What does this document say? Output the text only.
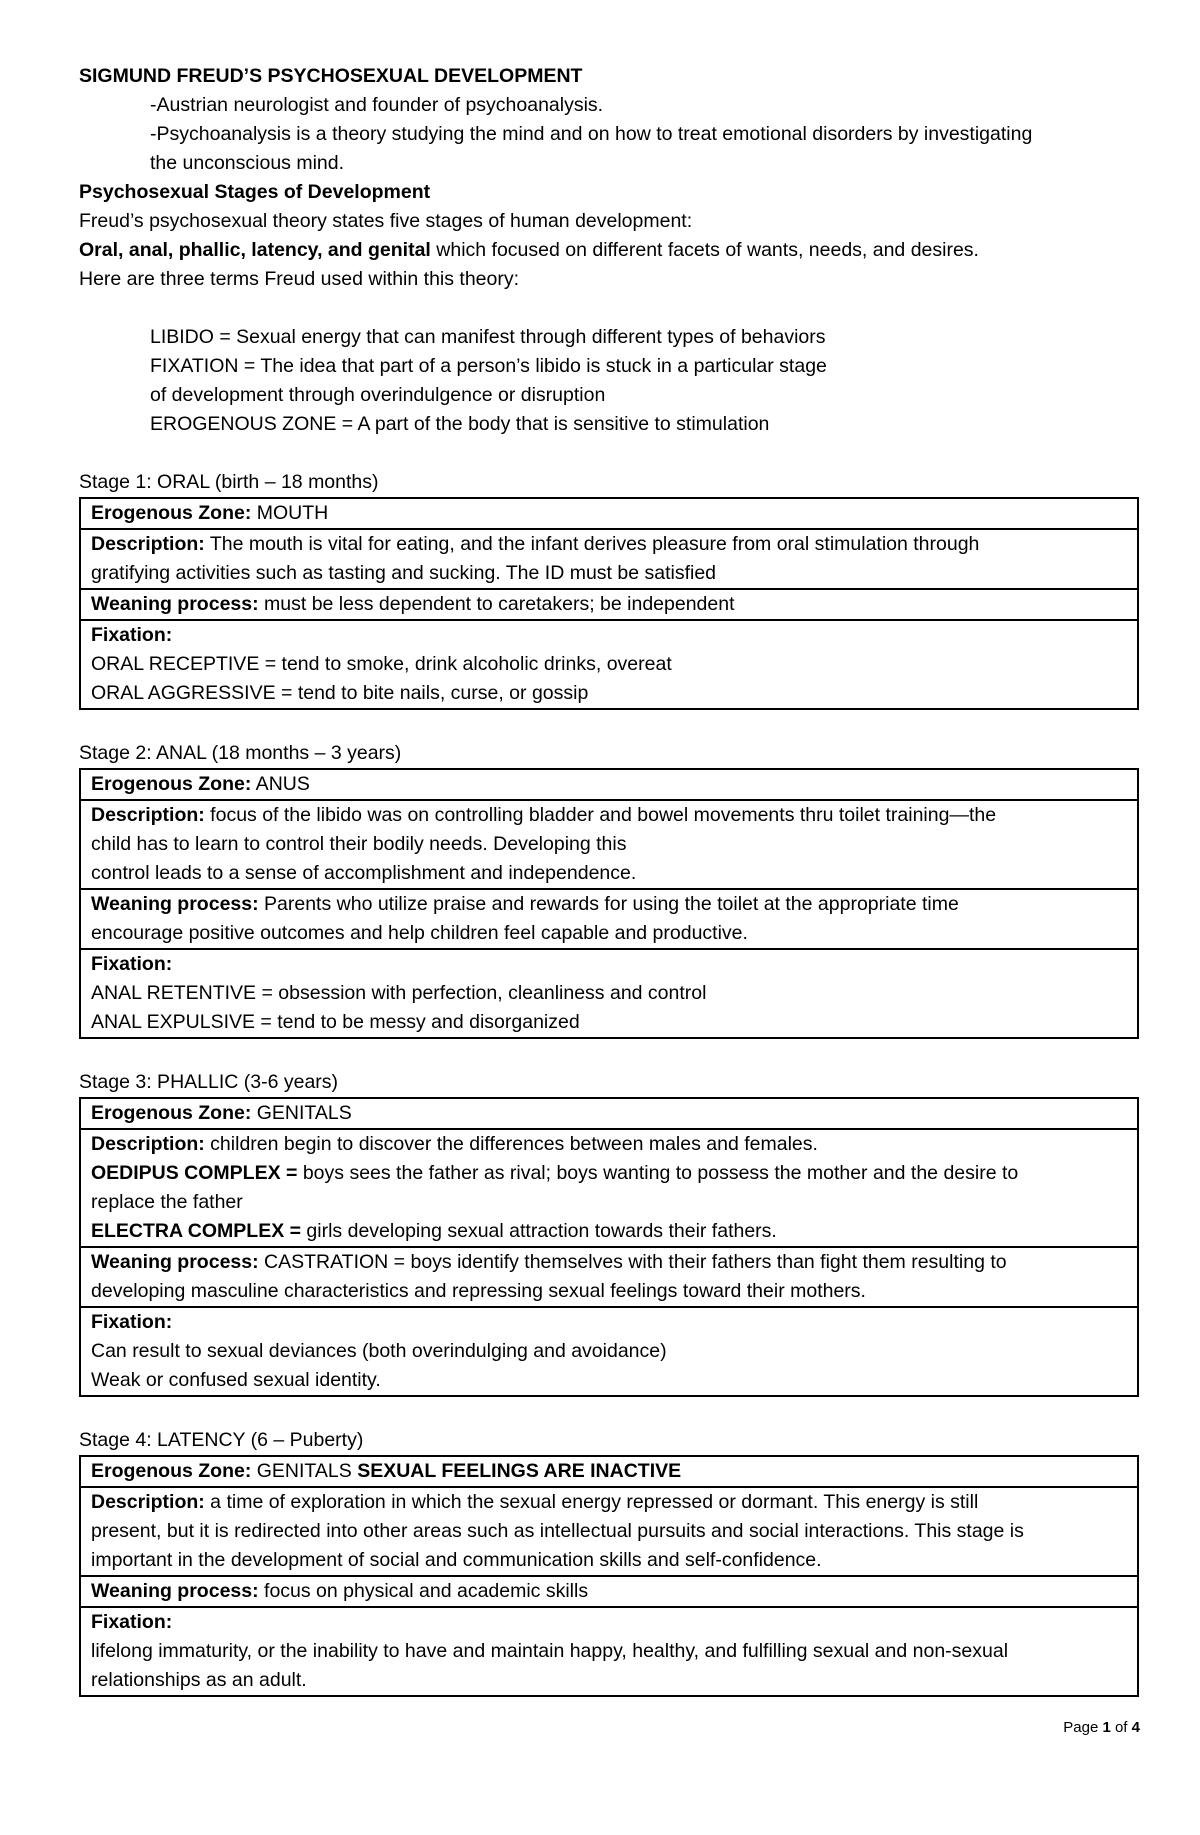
SIGMUND FREUD’S PSYCHOSEXUAL DEVELOPMENT
-Austrian neurologist and founder of psychoanalysis.
-Psychoanalysis is a theory studying the mind and on how to treat emotional disorders by investigating
the unconscious mind.
Psychosexual Stages of Development
Freud’s psychosexual theory states five stages of human development:
Oral, anal, phallic, latency, and genital which focused on different facets of wants, needs, and desires.
Here are three terms Freud used within this theory:
LIBIDO = Sexual energy that can manifest through different types of behaviors
FIXATION = The idea that part of a person’s libido is stuck in a particular stage
of development through overindulgence or disruption
EROGENOUS ZONE = A part of the body that is sensitive to stimulation
Stage 1: ORAL (birth – 18 months)
Erogenous Zone: MOUTH
Description: The mouth is vital for eating, and the infant derives pleasure from oral stimulation through
gratifying activities such as tasting and sucking. The ID must be satisfied
Weaning process: must be less dependent to caretakers; be independent
Fixation:
ORAL RECEPTIVE = tend to smoke, drink alcoholic drinks, overeat
ORAL AGGRESSIVE = tend to bite nails, curse, or gossip
Stage 2: ANAL (18 months – 3 years)
Erogenous Zone: ANUS
Description: focus of the libido was on controlling bladder and bowel movements thru toilet training—the
child has to learn to control their bodily needs. Developing this
control leads to a sense of accomplishment and independence.
Weaning process: Parents who utilize praise and rewards for using the toilet at the appropriate time
encourage positive outcomes and help children feel capable and productive.
Fixation:
ANAL RETENTIVE = obsession with perfection, cleanliness and control
ANAL EXPULSIVE = tend to be messy and disorganized
Stage 3: PHALLIC (3-6 years)
Erogenous Zone: GENITALS
Description: children begin to discover the differences between males and females.
OEDIPUS COMPLEX = boys sees the father as rival; boys wanting to possess the mother and the desire to
replace the father
ELECTRA COMPLEX = girls developing sexual attraction towards their fathers.
Weaning process: CASTRATION = boys identify themselves with their fathers than fight them resulting to
developing masculine characteristics and repressing sexual feelings toward their mothers.
Fixation:
Can result to sexual deviances (both overindulging and avoidance)
Weak or confused sexual identity.
Stage 4: LATENCY (6 – Puberty)
Erogenous Zone: GENITALS SEXUAL FEELINGS ARE INACTIVE
Description: a time of exploration in which the sexual energy repressed or dormant. This energy is still
present, but it is redirected into other areas such as intellectual pursuits and social interactions. This stage is
important in the development of social and communication skills and self-confidence.
Weaning process: focus on physical and academic skills
Fixation:
lifelong immaturity, or the inability to have and maintain happy, healthy, and fulfilling sexual and non-sexual
relationships as an adult.
Page 1 of 4
